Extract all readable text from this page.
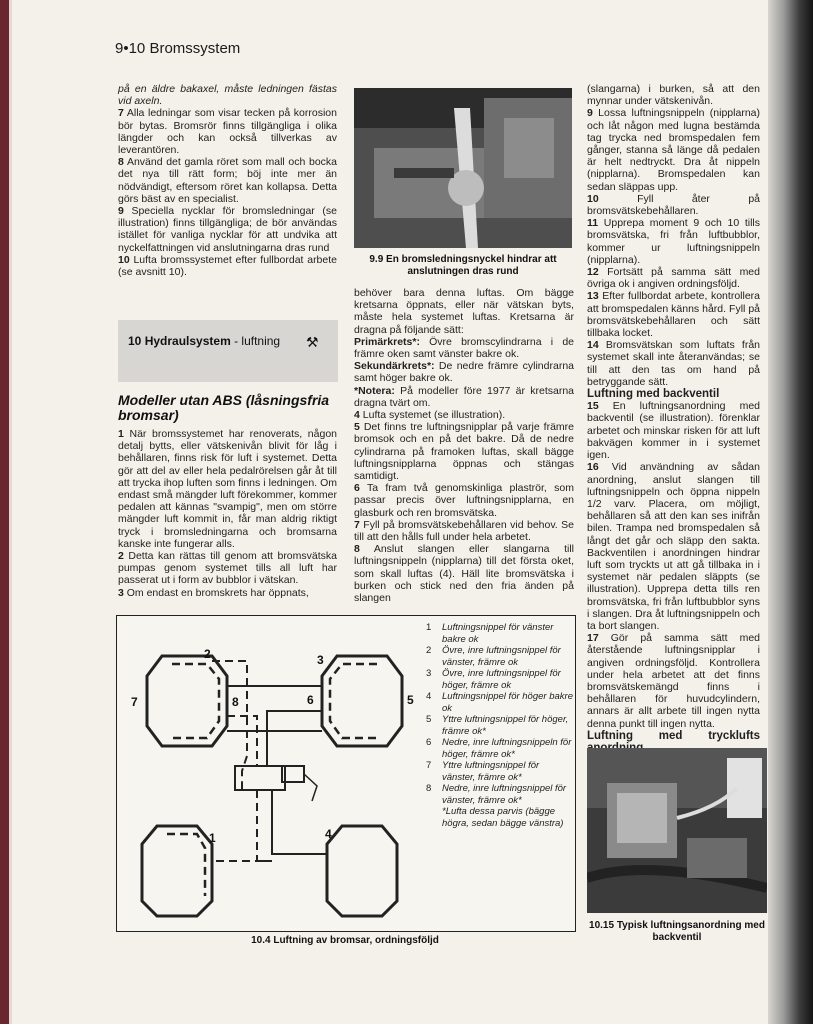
9•10 Bromssystem

på en äldre bakaxel, måste ledningen fästas vid axeln.

7 Alla ledningar som visar tecken på korrosion bör bytas. Bromsrör finns tillgängliga i olika längder och kan också tillverkas av leverantören.

8 Använd det gamla röret som mall och bocka det nya till rätt form; böj inte mer än nödvändigt, eftersom röret kan kollapsa. Detta görs bäst av en specialist.

9 Speciella nycklar för bromsledningar (se illustration) finns tillgängliga; de bör användas istället för vanliga nycklar för att undvika att nyckelfattningen vid anslutningarna dras rund

10 Lufta bromssystemet efter fullbordat arbete (se avsnitt 10).

10 Hydraulsystem - luftning ⚒
Modeller utan ABS (låsningsfria bromsar)

1 När bromssystemet har renoverats, någon detalj bytts, eller vätskenivån blivit för låg i behållaren, finns risk för luft i systemet. Detta gör att del av eller hela pedalrörelsen går åt till att trycka ihop luften som finns i ledningen. Om endast små mängder luft förekommer, kommer pedalen att kännas "svampig", men om större mängder luft kommit in, får man aldrig riktigt tryck i bromsledningarna och bromsarna kanske inte fungerar alls.

2 Detta kan rättas till genom att bromsvätska pumpas genom systemet tills all luft har passerat ut i form av bubblor i vätskan.

3 Om endast en bromskrets har öppnats,

9.9 En bromsledningsnyckel hindrar att anslutningen dras rund

behöver bara denna luftas. Om bägge kretsarna öppnats, eller när vätskan byts, måste hela systemet luftas. Kretsarna är dragna på följande sätt:

Primärkrets*: Övre bromscylindrarna i de främre oken samt vänster bakre ok.

Sekundärkrets*: De nedre främre cylindrarna samt höger bakre ok.

*Notera: På modeller före 1977 är kretsarna dragna tvärt om.

4 Lufta systemet (se illustration).

5 Det finns tre luftningsnipplar på varje främre bromsok och en på det bakre. Då de nedre cylindrarna på framoken luftas, skall bägge luftningsnipplarna öppnas och stängas samtidigt.

6 Ta fram två genomskinliga plaströr, som passar precis över luftningsnipplarna, en glasburk och ren bromsvätska.

7 Fyll på bromsvätskebehållaren vid behov. Se till att den hålls full under hela arbetet.

8 Anslut slangen eller slangarna till luftningsnippeln (nipplarna) till det första oket, som skall luftas (4). Häll lite bromsvätska i burken och stick ned den fria änden på slangen

(slangarna) i burken, så att den mynnar under vätskenivån.

9 Lossa luftningsnippeln (nipplarna) och låt någon med lugna bestämda tag trycka ned bromspedalen fem gånger, stanna så länge då pedalen är helt nedtryckt. Dra åt nippeln (nipplarna). Bromspedalen kan sedan släppas upp.

10	Fyll åter på bromsvätskebehållaren.

11 Upprepa moment 9 och 10 tills bromsvätska, fri från luftbubblor, kommer ur luftningsnippeln (nipplarna).

12 Fortsätt på samma sätt med övriga ok i angiven ordningsföljd.

13 Efter fullbordat arbete, kontrollera att bromspedalen känns hård. Fyll på bromsvätskebehållaren och sätt tillbaka locket.

14 Bromsvätskan som luftats från systemet skall inte återanvändas; se till att den tas om hand på betryggande sätt.

Luftning med backventil

15 En luftningsanordning med backventil (se illustration). förenklar arbetet och minskar risken för att luft bakvägen kommer in i systemet igen.

16 Vid användning av sådan anordning, anslut slangen till luftningsnippeln och öppna nippeln 1/2 varv. Placera, om möjligt, behållaren så att den kan ses inifrån bilen. Trampa ned bromspedalen så långt det går och släpp den sakta. Backventilen i anordningen hindrar luft som tryckts ut att gå tillbaka in i systemet när pedalen släppts (se illustration). Upprepa detta tills ren bromsvätska, fri från luftbubblor syns i slangen. Dra åt luftningsnippeln och ta bort slangen.

17 Gör på samma sätt med återstående luftningsnipplar i angiven ordningsföljd. Kontrollera under hela arbetet att det finns bromsvätskemängd finns i behållaren för huvudcylindern, annars är allt arbete till ingen nytta denna punkt till ingen nytta.

Luftning med trycklufts

2	3
1	4
5
6
7	8
1	Luftningsnippel för vänster bakre ok
2	Övre, inre luftningsnippel för vänster, främre ok
3	Övre, inre luftningsnippel för höger, främre ok
4	Luftningsnippel för höger bakre ok
5	Yttre luftningsnippel för höger, främre ok*
6	Nedre, inre luftningsnippeln för höger, främre ok*
7	Yttre luftningsnippel för vänster, främre ok*
8	Nedre, inre luftningsnippel för vänster, främre ok*
*Lufta dessa parvis (bägge högra, sedan bägge vänstra)
10.4 Luftning av bromsar, ordningsföljd
10.15 Typisk luftningsanordning med backventil
